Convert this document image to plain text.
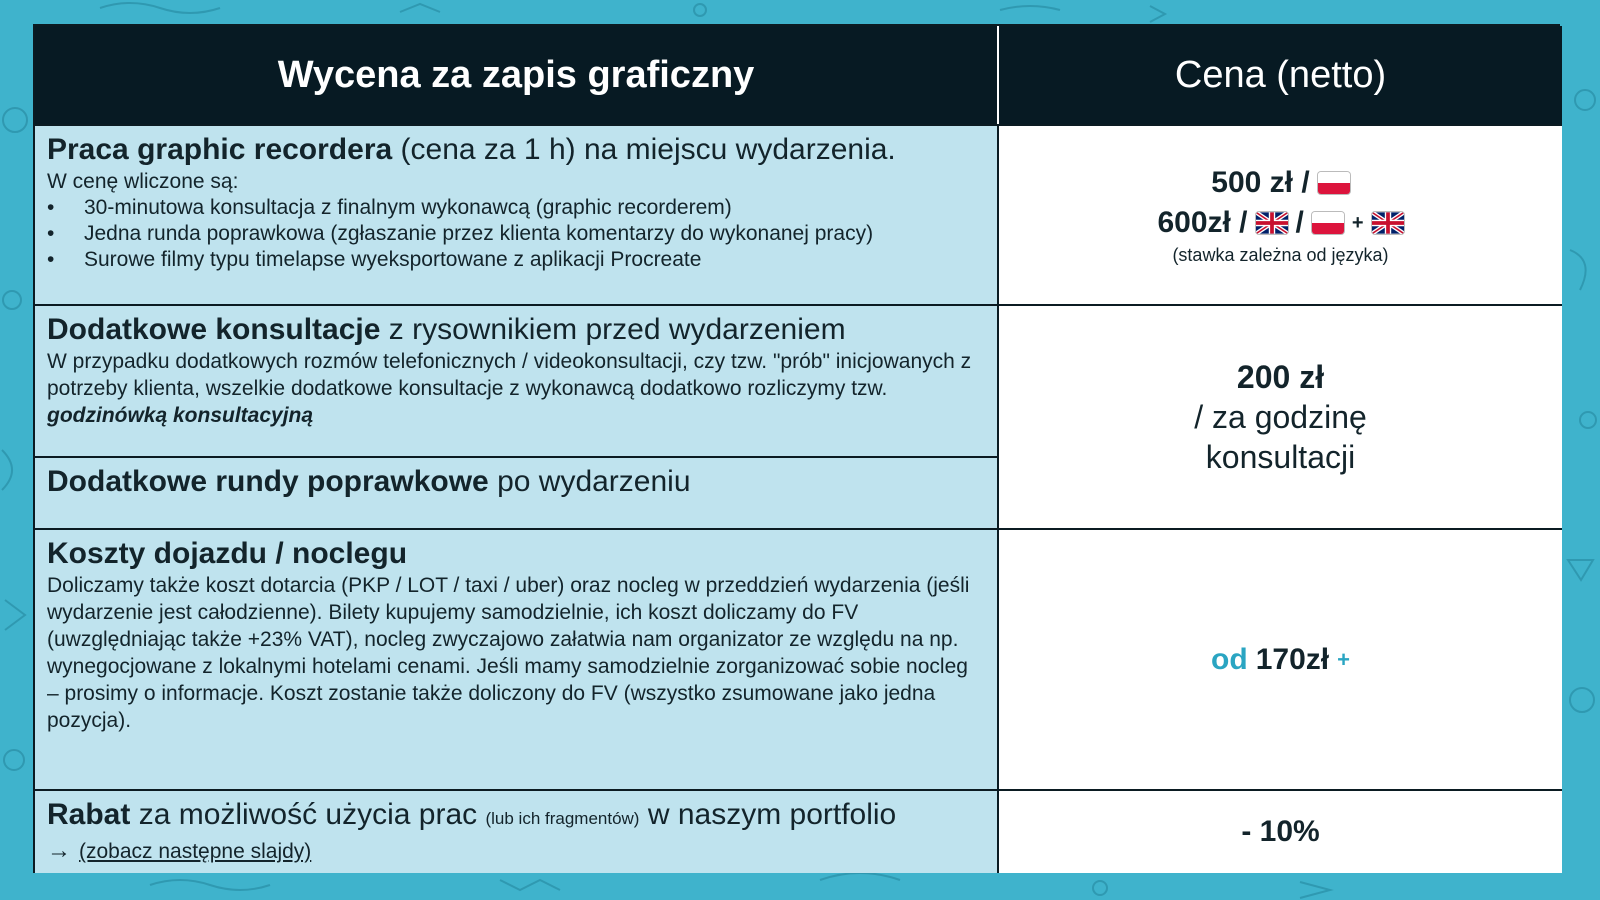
Wycena za zapis graficzny	Cena (netto)
Praca graphic recordera (cena za 1 h) na miejscu wydarzenia.
W cenę wliczone są:
• 30-minutowa konsultacja z finalnym wykonawcą (graphic recorderem)
• Jedna runda poprawkowa (zgłaszanie przez klienta komentarzy do wykonanej pracy)
• Surowe filmy typu timelapse wyeksportowane z aplikacji Procreate
500 zł /
600zł / / +
(stawka zależna od języka)
Dodatkowe konsultacje z rysownikiem przed wydarzeniem
W przypadku dodatkowych rozmów telefonicznych / videokonsultacji, czy tzw. "prób" inicjowanych z potrzeby klienta, wszelkie dodatkowe konsultacje z wykonawcą dodatkowo rozliczymy tzw. godzinówką konsultacyjną
200 zł
/ za godzinę
konsultacji
Dodatkowe rundy poprawkowe po wydarzeniu
Koszty dojazdu / noclegu
Doliczamy także koszt dotarcia (PKP / LOT / taxi / uber) oraz nocleg w przeddzień wydarzenia (jeśli wydarzenie jest całodzienne). Bilety kupujemy samodzielnie, ich koszt doliczamy do FV (uwzględniając także +23% VAT), nocleg zwyczajowo załatwia nam organizator ze względu na np. wynegocjowane z lokalnymi hotelami cenami. Jeśli mamy samodzielnie zorganizować sobie nocleg – prosimy o informacje. Koszt zostanie także doliczony do FV (wszystko zsumowane jako jedna pozycja).
od 170zł +
Rabat za możliwość użycia prac (lub ich fragmentów) w naszym portfolio
→ (zobacz następne slajdy)
- 10%
